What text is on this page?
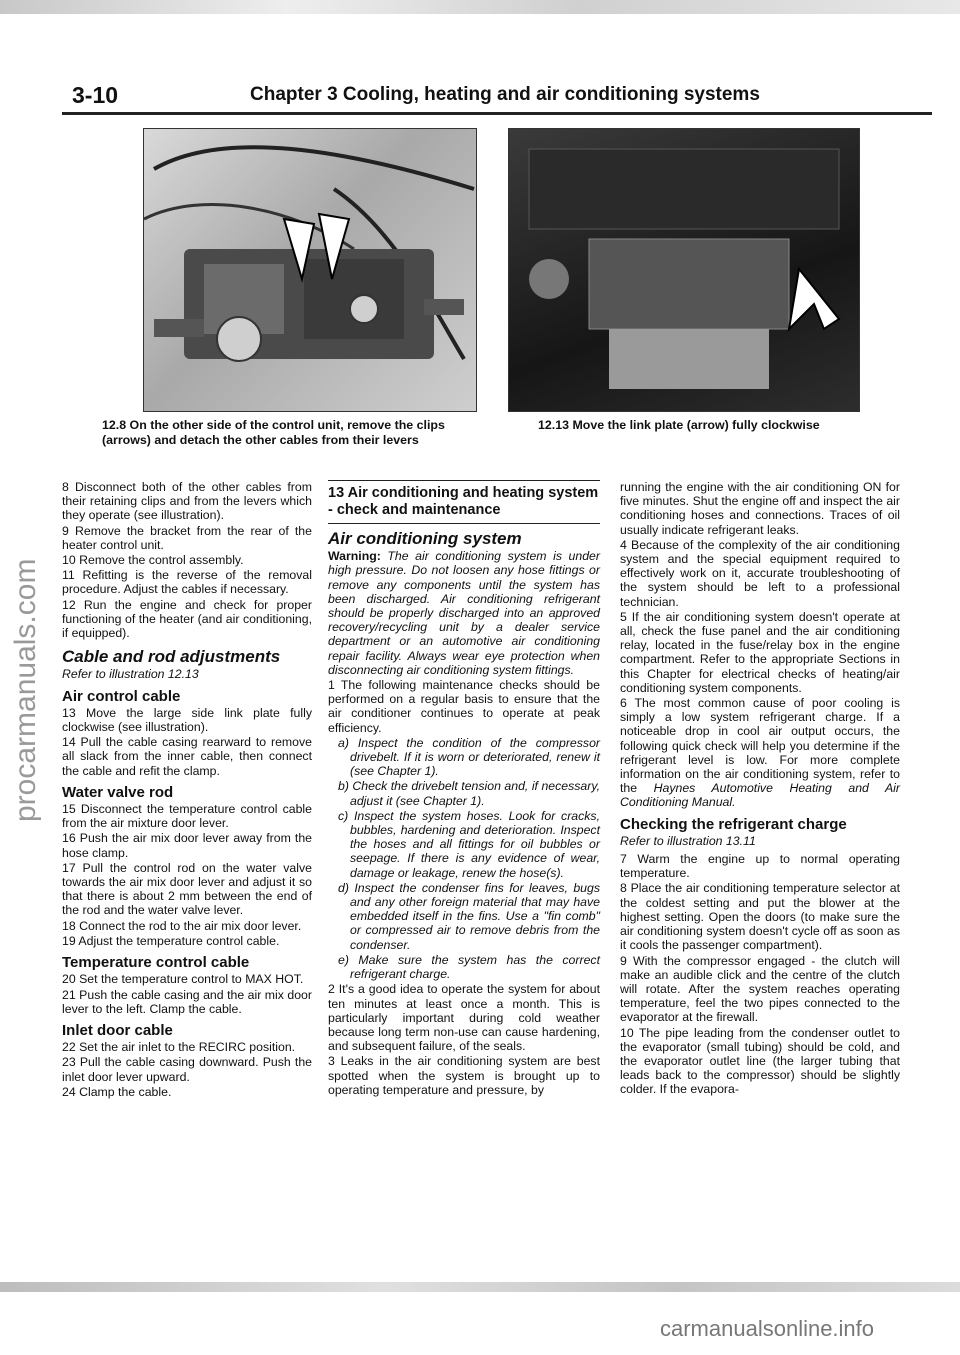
3-10	Chapter 3 Cooling, heating and air conditioning systems
12.8 On the other side of the control unit, remove the clips (arrows) and detach the other cables from their levers
12.13 Move the link plate (arrow) fully clockwise

8 Disconnect both of the other cables from their retaining clips and from the levers which they operate (see illustration).

9 Remove the bracket from the rear of the heater control unit.

10 Remove the control assembly.

11 Refitting is the reverse of the removal procedure. Adjust the cables if necessary.

12 Run the engine and check for proper functioning of the heater (and air conditioning, if equipped).

Cable and rod adjustments
Refer to illustration 12.13
Air control cable

13 Move the large side link plate fully clockwise (see illustration).

14 Pull the cable casing rearward to remove all slack from the inner cable, then connect the cable and refit the clamp.

Water valve rod

15 Disconnect the temperature control cable from the air mixture door lever.

16 Push the air mix door lever away from the hose clamp.

17 Pull the control rod on the water valve towards the air mix door lever and adjust it so that there is about 2 mm between the end of the rod and the water valve lever.

18 Connect the rod to the air mix door lever.

19 Adjust the temperature control cable.

Temperature control cable

20 Set the temperature control to MAX HOT.

21 Push the cable casing and the air mix door lever to the left. Clamp the cable.

Inlet door cable

22 Set the air inlet to the RECIRC position.

23 Pull the cable casing downward. Push the inlet door lever upward.

24 Clamp the cable.

13 Air conditioning and heating system - check and maintenance
Air conditioning system

Warning: The air conditioning system is under high pressure. Do not loosen any hose fittings or remove any components until the system has been discharged. Air conditioning refrigerant should be properly discharged into an approved recovery/recycling unit by a dealer service department or an automotive air conditioning repair facility. Always wear eye protection when disconnecting air conditioning system fittings.

1 The following maintenance checks should be performed on a regular basis to ensure that the air conditioner continues to operate at peak efficiency.

a) Inspect the condition of the compressor drivebelt. If it is worn or deteriorated, renew it (see Chapter 1).

b) Check the drivebelt tension and, if necessary, adjust it (see Chapter 1).

c) Inspect the system hoses. Look for cracks, bubbles, hardening and deterioration. Inspect the hoses and all fittings for oil bubbles or seepage. If there is any evidence of wear, damage or leakage, renew the hose(s).

d) Inspect the condenser fins for leaves, bugs and any other foreign material that may have embedded itself in the fins. Use a "fin comb" or compressed air to remove debris from the condenser.

e) Make sure the system has the correct refrigerant charge.

2 It's a good idea to operate the system for about ten minutes at least once a month. This is particularly important during cold weather because long term non-use can cause hardening, and subsequent failure, of the seals.

3 Leaks in the air conditioning system are best spotted when the system is brought up to operating temperature and pressure, by

running the engine with the air conditioning ON for five minutes. Shut the engine off and inspect the air conditioning hoses and connections. Traces of oil usually indicate refrigerant leaks.

4 Because of the complexity of the air conditioning system and the special equipment required to effectively work on it, accurate troubleshooting of the system should be left to a professional technician.

5 If the air conditioning system doesn't operate at all, check the fuse panel and the air conditioning relay, located in the fuse/relay box in the engine compartment. Refer to the appropriate Sections in this Chapter for electrical checks of heating/air conditioning system components.

6 The most common cause of poor cooling is simply a low system refrigerant charge. If a noticeable drop in cool air output occurs, the following quick check will help you determine if the refrigerant level is low. For more complete information on the air conditioning system, refer to the Haynes Automotive Heating and Air Conditioning Manual.

Checking the refrigerant charge
Refer to illustration 13.11

7 Warm the engine up to normal operating temperature.

8 Place the air conditioning temperature selector at the coldest setting and put the blower at the highest setting. Open the doors (to make sure the air conditioning system doesn't cycle off as soon as it cools the passenger compartment).

9 With the compressor engaged - the clutch will make an audible click and the centre of the clutch will rotate. After the system reaches operating temperature, feel the two pipes connected to the evaporator at the firewall.

10 The pipe leading from the condenser outlet to the evaporator (small tubing) should be cold, and the evaporator outlet line (the larger tubing that leads back to the compressor) should be slightly colder. If the evapora-

procarmanuals.com
carmanualsonline.info
